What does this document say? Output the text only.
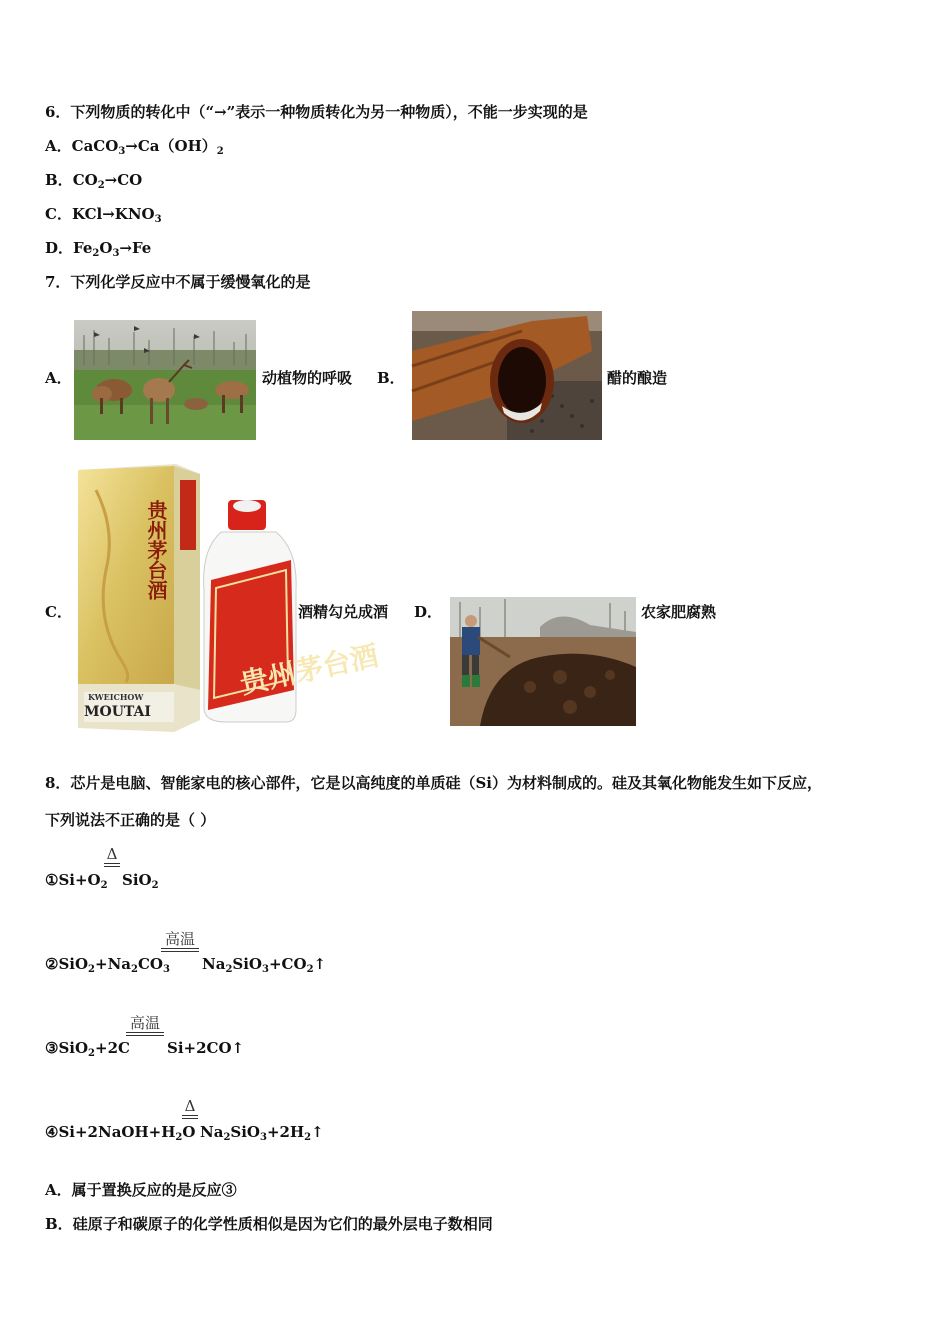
6．下列物质的转化中（“→”表示一种物质转化为另一种物质），不能一步实现的是
A．$CaCO_3\to Ca(OH)_2$
B．$CO_2\to CO$
C．$KCl\to KNO_3$
D．$Fe_2O_3\to Fe$
7．下列化学反应中不属于缓慢氧化的是
A．	动植物的呼吸 B．	醋的酿造
C．
贵州茅台酒
KWEICHOW
MOUTAI
贵州茅台酒
酒精勾兑成酒 D．	农家肥腐熟
8．芯片是电脑、智能家电的核心部件，它是以高纯度的单质硅（Si）为材料制成的。硅及其氧化物能发生如下反应，
下列说法不正确的是（ ）
Δ
$①Si+O_2$ SiO$_2$
高温
$②SiO_2+Na_2CO_3$ $Na_2SiO_3+CO_2↑$
高温
③SiO$_2$+2C Si+2CO↑
Δ
$④Si+2NaOH+H_2O$ $Na_2SiO_3+2H_2↑$
A．属于置换反应的是反应③
B．硅原子和碳原子的化学性质相似是因为它们的最外层电子数相同
